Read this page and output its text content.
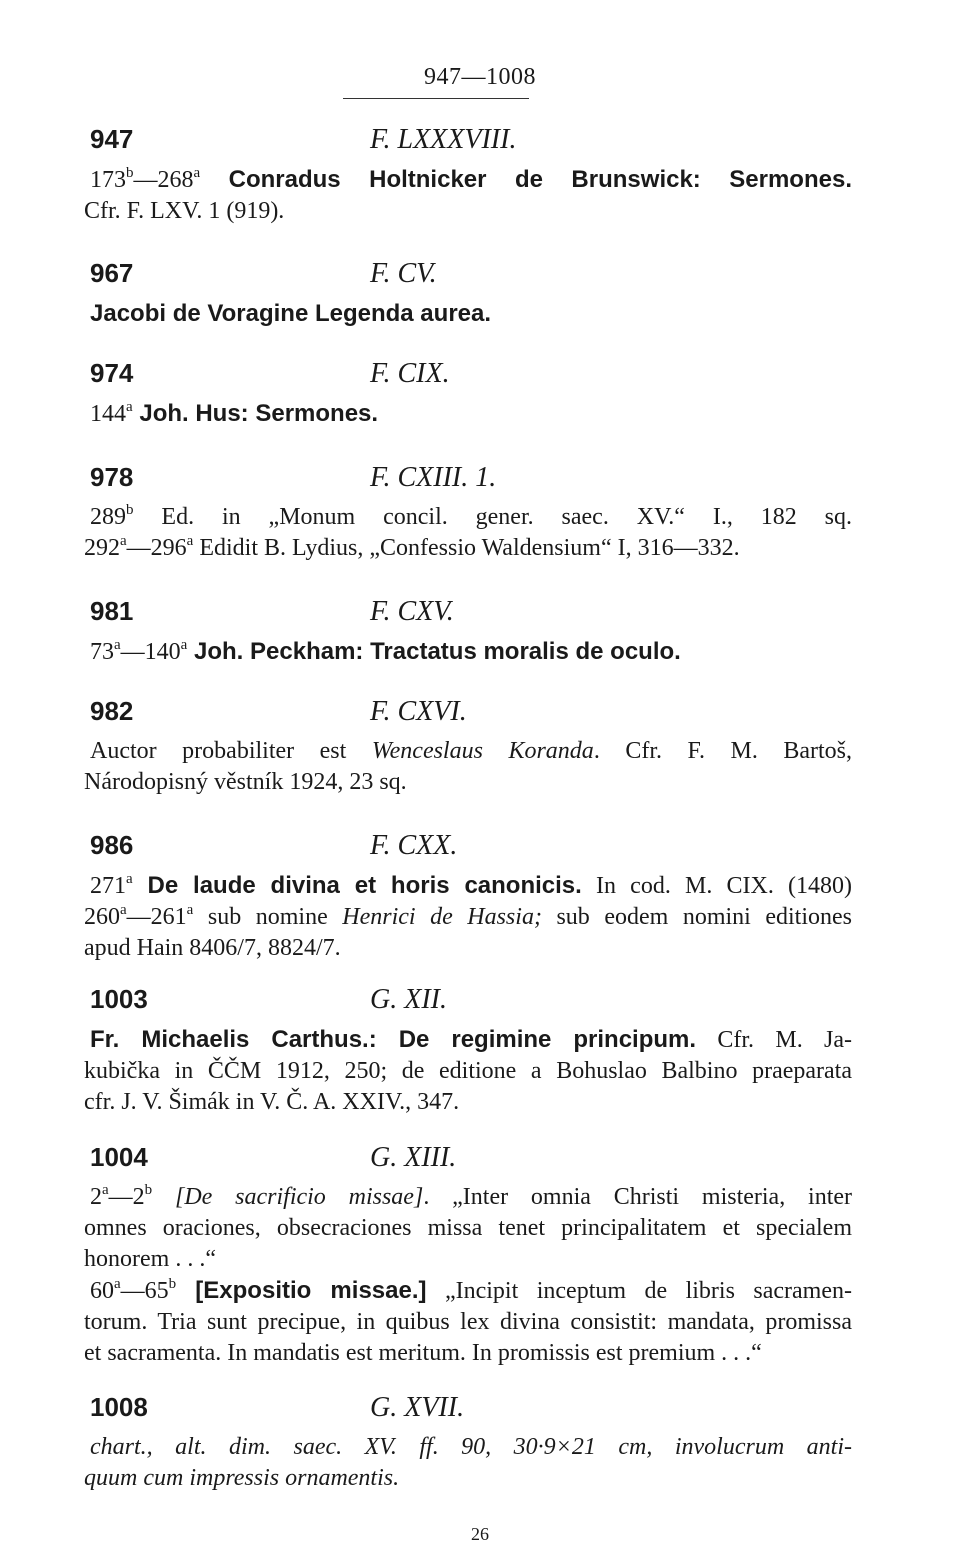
947—1008
947	F. LXXXVIII.
173$^b$—268$^a$ Conradus Holtnicker de Brunswick: Sermones.
Cfr. F. LXV. 1 (919).
967	F. CV.
Jacobi de Voragine Legenda aurea.
974	F. CIX.
144$^a$ Joh. Hus: Sermones.
978	F. CXIII. 1.
289$^b$ Ed. in „Monum concil. gener. saec. XV.“ I., 182 sq.
292$^a$—296$^a$ Edidit B. Lydius, „Confessio Waldensium“ I, 316—332.
981	F. CXV.
73$^a$—140$^a$ Joh. Peckham: Tractatus moralis de oculo.
982	F. CXVI.
Auctor probabiliter est Wenceslaus Koranda. Cfr. F. M. Bartoš,
Národopisný věstník 1924, 23 sq.
986	F. CXX.
271$^a$ De laude divina et horis canonicis. In cod. M. CIX. (1480)
260$^a$—261$^a$ sub nomine Henrici de Hassia; sub eodem nomini editiones
apud Hain 8406/7, 8824/7.
1003	G. XII.
Fr. Michaelis Carthus.: De regimine principum. Cfr. M. Ja-
kubička in ČČM 1912, 250; de editione a Bohuslao Balbino praeparata
cfr. J. V. Šimák in V. Č. A. XXIV., 347.
1004	G. XIII.
2$^a$—2$^b$ [De sacrificio missae]. „Inter omnia Christi misteria, inter
omnes oraciones, obsecraciones missa tenet principalitatem et specialem
honorem . . .“
60$^a$—65$^b$ [Expositio missae.] „Incipit inceptum de libris sacramen-
torum. Tria sunt precipue, in quibus lex divina consistit: mandata, promissa
et sacramenta. In mandatis est meritum. In promissis est premium . . .“
1008	G. XVII.
chart., alt. dim. saec. XV. ff. 90, 30·9×21 cm, involucrum anti-
quum cum impressis ornamentis.
26
